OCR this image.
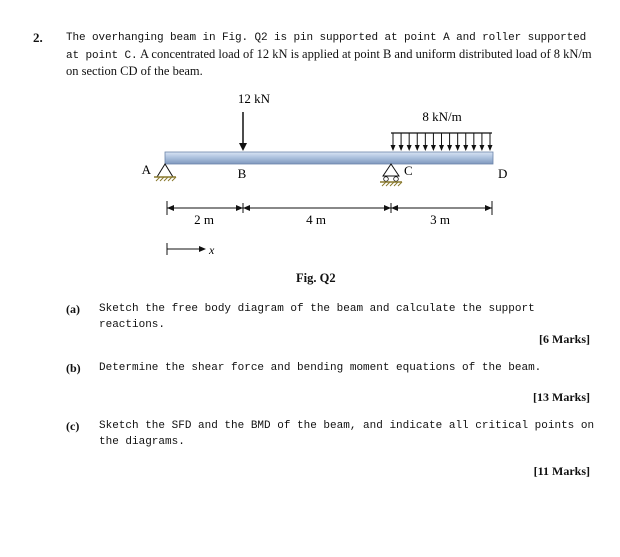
2. The overhanging beam in Fig. Q2 is pin supported at point A and roller supported at point C. A concentrated load of 12 kN is applied at point B and uniform distributed load of 8 kN/m on section CD of the beam.
12 kN
8 kN/m
A	B	C	D
2 m	4 m	3 m
x
Fig. Q2
(a) Sketch the free body diagram of the beam and calculate the support reactions.
[6 Marks]
(b) Determine the shear force and bending moment equations of the beam.
[13 Marks]
(c) Sketch the SFD and the BMD of the beam, and indicate all critical points on the diagrams.
[11 Marks]
